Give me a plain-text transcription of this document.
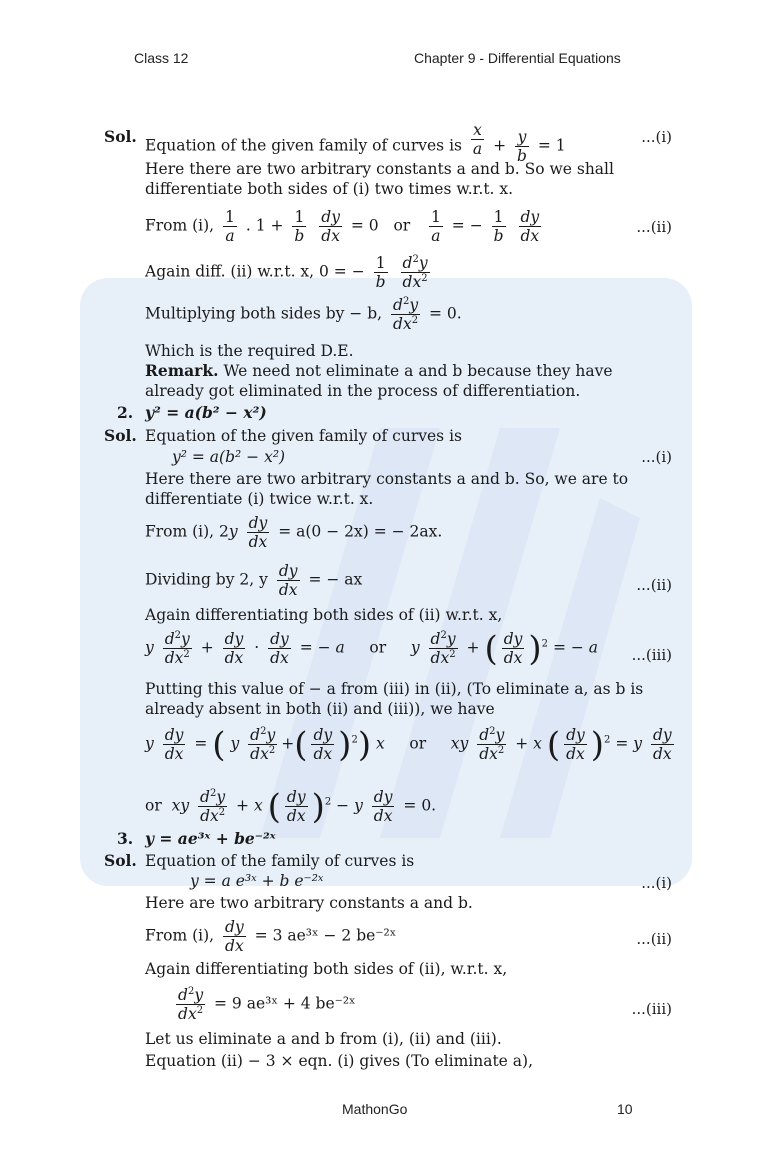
Class 12	Chapter 9 - Differential Equations
Sol. Equation of the given family of curves is $\frac{x}{a} + \frac{y}{b} = 1$	...(i)
Here there are two arbitrary constants a and b. So we shall
differentiate both sides of (i) two times w.r.t. x.
From (i), $\frac{1}{a}$ . $1 + \frac{1}{b}$
$\frac{dy}{dx} = 0$   or $\frac{1}{a}$ = − $\frac{1}{b}$
$\frac{dy}{dx}$	...(ii)
Again diff. (ii) w.r.t. x, 0 = − $\frac{1}{b}$
$\frac{d^2y}{dx^2}$
Multiplying both sides by − b, $\frac{d^2y}{dx^2} = 0$.
Which is the required D.E.
Remark. We need not eliminate a and b because they have
already got eliminated in the process of differentiation.
2. y² = a(b² − x²)
Sol. Equation of the given family of curves is
y² = a(b² − x²)	...(i)
Here there are two arbitrary constants a and b. So, we are to
differentiate (i) twice w.r.t. x.
From (i), $2y \frac{dy}{dx} = a(0 - 2x)$ = − 2ax.
Dividing by 2, y $\frac{dy}{dx}$ = − ax	...(ii)
Again differentiating both sides of (ii) w.r.t. x,
y $\frac{d^2y}{dx^2} + \frac{dy}{dx} \cdot \frac{dy}{dx}$ = − a     or     y $\frac{d^2y}{dx^2}$ + ( $\frac{dy}{dx} )^2$ = − a ...(iii)
Putting this value of − a from (iii) in (ii), (To eliminate a, as b is
already absent in both (ii) and (iii)), we have
y $\frac{dy}{dx}$ = ( y $\frac{d^2y}{dx^2}$ +( $\frac{dy}{dx} )^2$) x     or     xy $\frac{d^2y}{dx^2} + x$ ( $\frac{dy}{dx} )^2 = y \frac{dy}{dx}$
or  xy $\frac{d^2y}{dx^2} + x$ ( $\frac{dy}{dx} )^2 - y \frac{dy}{dx} = 0$.
3. y = ae³ˣ + be⁻²ˣ
Sol. Equation of the family of curves is
y = a e³ˣ + b e⁻²ˣ	...(i)
Here are two arbitrary constants a and b.
From (i), $\frac{dy}{dx} = 3$ ae³ˣ − 2 be⁻²ˣ	...(ii)
Again differentiating both sides of (ii), w.r.t. x,
$\frac{d^2y}{dx^2} = 9$ ae³ˣ + 4 be⁻²ˣ	...(iii)
Let us eliminate a and b from (i), (ii) and (iii).
Equation (ii) − 3 × eqn. (i) gives (To eliminate a),
MathonGo	10
